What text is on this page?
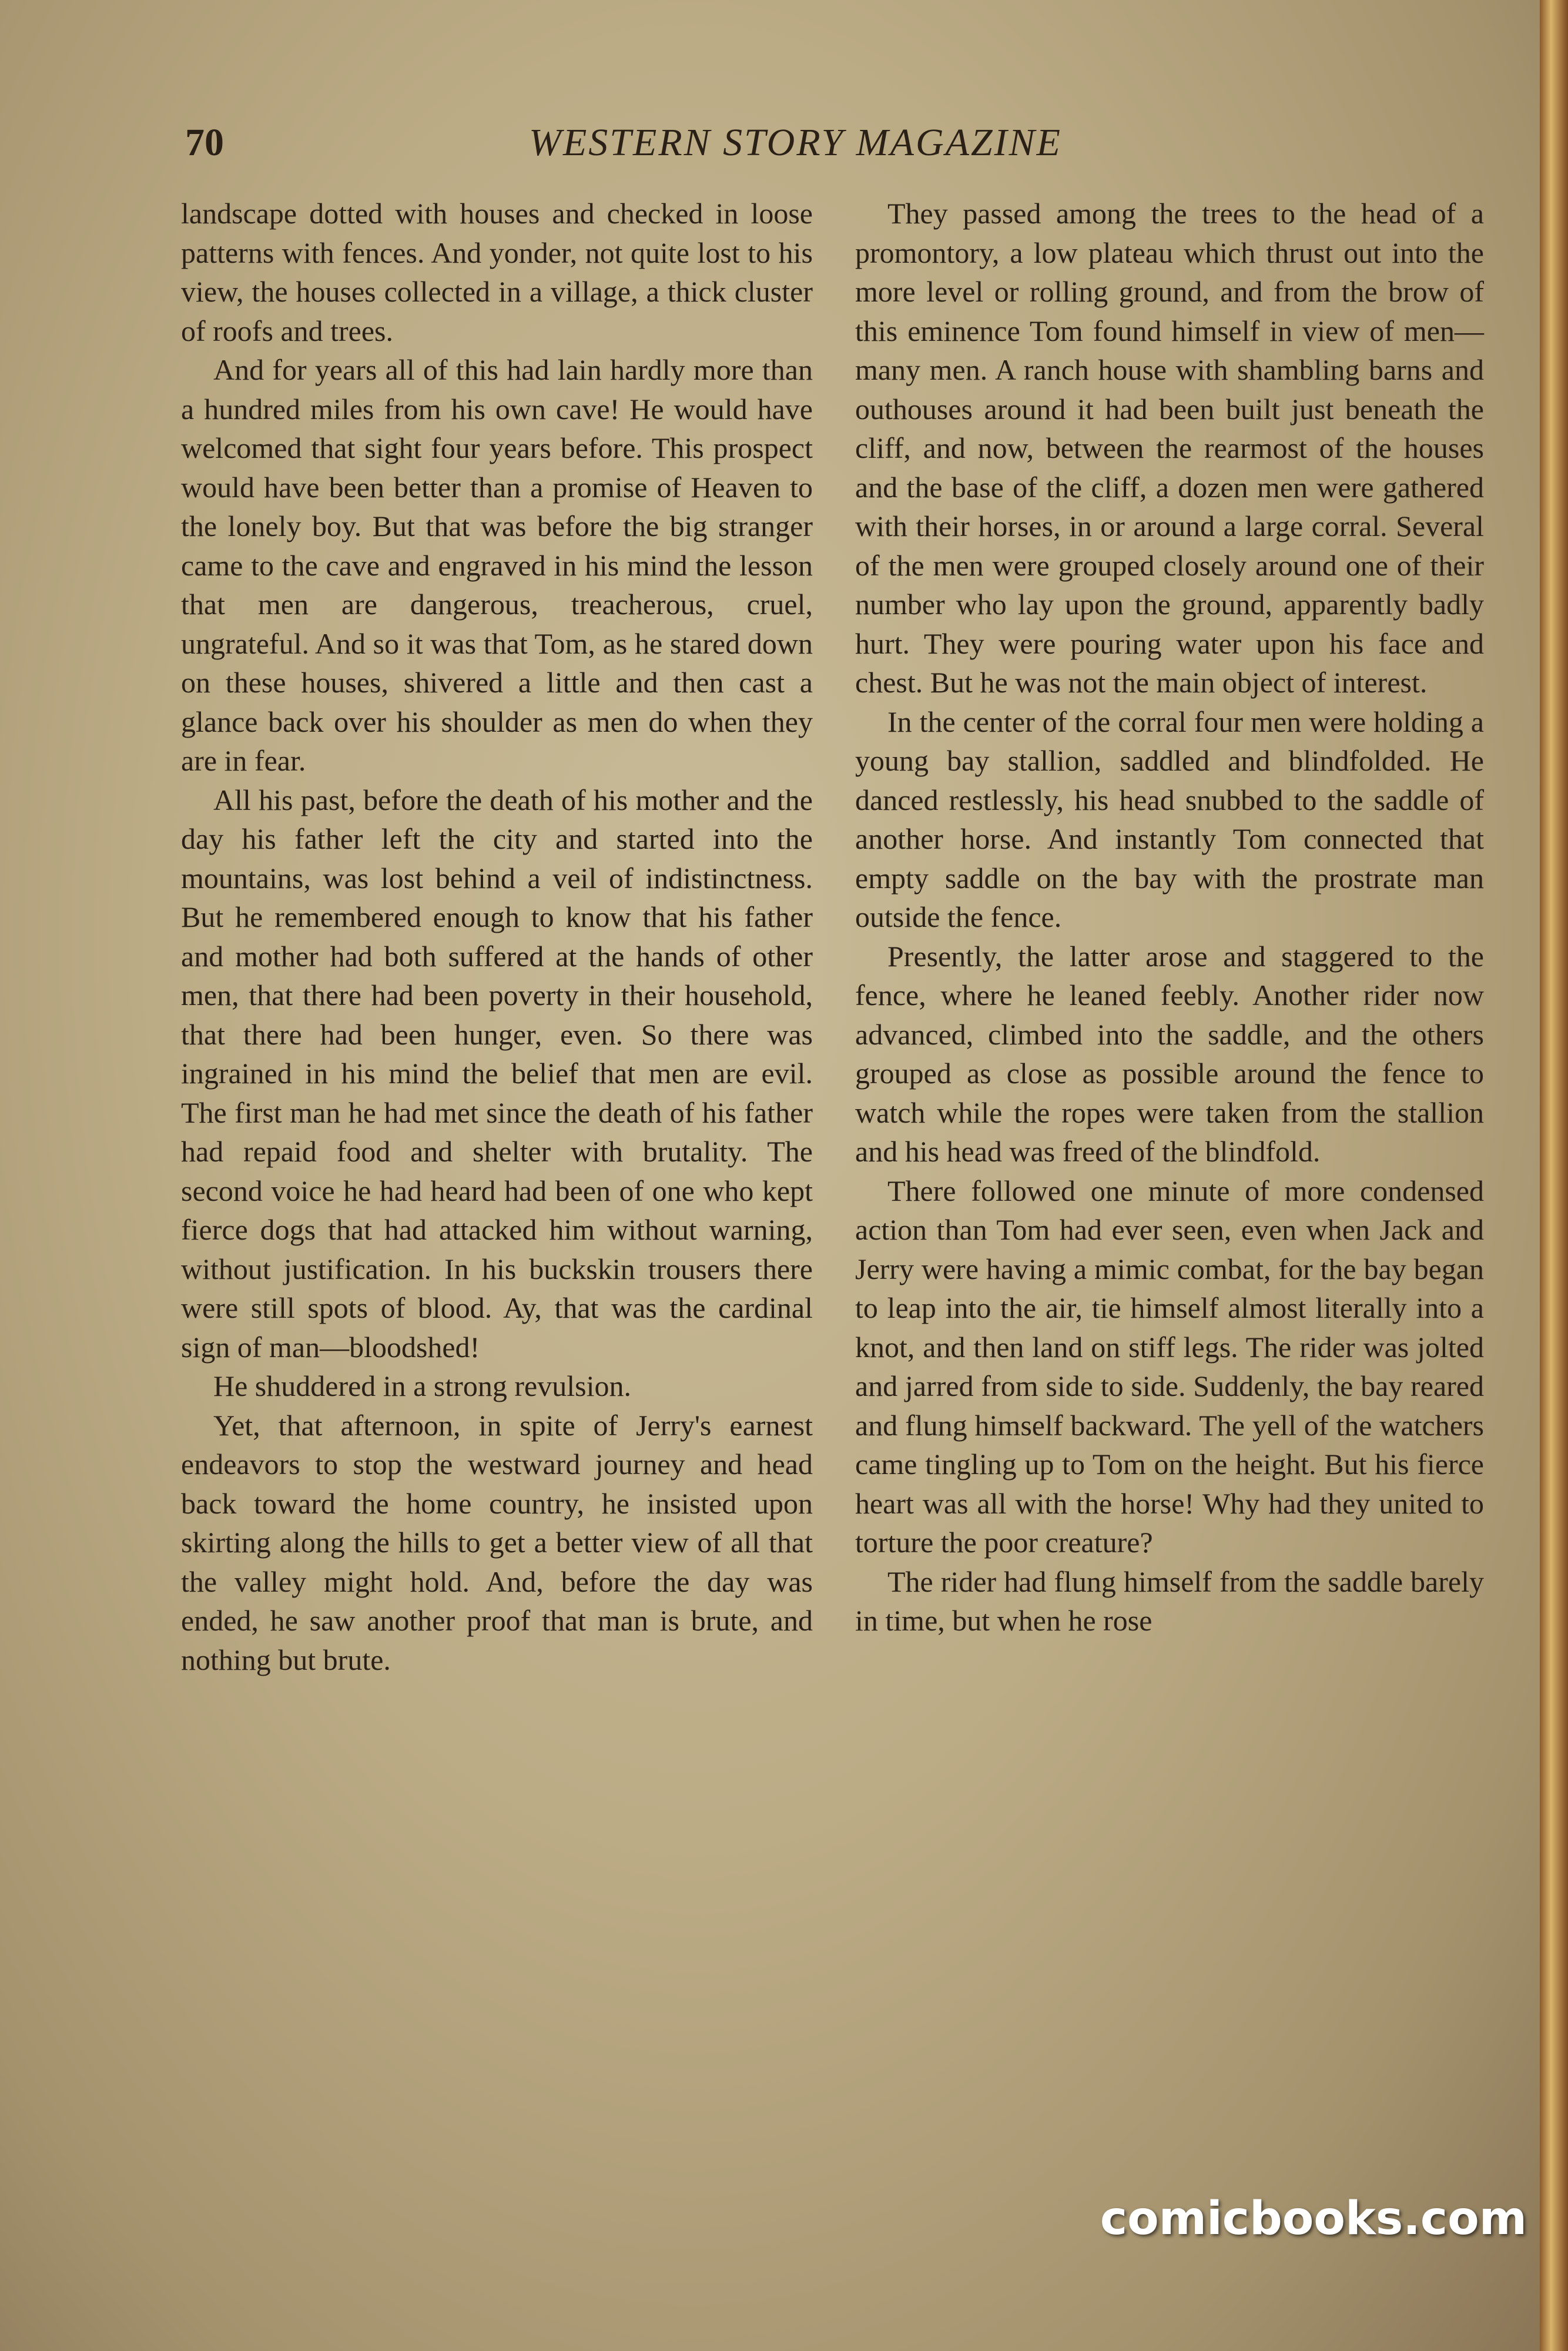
70	WESTERN STORY MAGAZINE

landscape dotted with houses and checked in loose patterns with fences. And yonder, not quite lost to his view, the houses collected in a village, a thick cluster of roofs and trees.

And for years all of this had lain hardly more than a hundred miles from his own cave! He would have welcomed that sight four years before. This prospect would have been better than a promise of Heaven to the lonely boy. But that was before the big stranger came to the cave and engraved in his mind the lesson that men are dangerous, treacherous, cruel, ungrateful. And so it was that Tom, as he stared down on these houses, shivered a little and then cast a glance back over his shoulder as men do when they are in fear.

All his past, before the death of his mother and the day his father left the city and started into the mountains, was lost behind a veil of indistinctness. But he remembered enough to know that his father and mother had both suffered at the hands of other men, that there had been poverty in their household, that there had been hunger, even. So there was ingrained in his mind the belief that men are evil. The first man he had met since the death of his father had repaid food and shelter with brutality. The second voice he had heard had been of one who kept fierce dogs that had attacked him without warning, without justification. In his buckskin trousers there were still spots of blood. Ay, that was the cardinal sign of man—bloodshed!

He shuddered in a strong revulsion.

Yet, that afternoon, in spite of Jerry's earnest endeavors to stop the westward journey and head back toward the home country, he insisted upon skirting along the hills to get a better view of all that the valley might hold. And, before the day was ended, he saw another proof that man is brute, and nothing but brute.

They passed among the trees to the head of a promontory, a low plateau which thrust out into the more level or rolling ground, and from the brow of this eminence Tom found himself in view of men—many men. A ranch house with shambling barns and outhouses around it had been built just beneath the cliff, and now, between the rearmost of the houses and the base of the cliff, a dozen men were gathered with their horses, in or around a large corral. Several of the men were grouped closely around one of their number who lay upon the ground, apparently badly hurt. They were pouring water upon his face and chest. But he was not the main object of interest.

In the center of the corral four men were holding a young bay stallion, saddled and blindfolded. He danced restlessly, his head snubbed to the saddle of another horse. And instantly Tom connected that empty saddle on the bay with the prostrate man outside the fence.

Presently, the latter arose and staggered to the fence, where he leaned feebly. Another rider now advanced, climbed into the saddle, and the others grouped as close as possible around the fence to watch while the ropes were taken from the stallion and his head was freed of the blindfold.

There followed one minute of more condensed action than Tom had ever seen, even when Jack and Jerry were having a mimic combat, for the bay began to leap into the air, tie himself almost literally into a knot, and then land on stiff legs. The rider was jolted and jarred from side to side. Suddenly, the bay reared and flung himself backward. The yell of the watchers came tingling up to Tom on the height. But his fierce heart was all with the horse! Why had they united to torture the poor creature?

The rider had flung himself from the saddle barely in time, but when he rose

comicbooks.com
